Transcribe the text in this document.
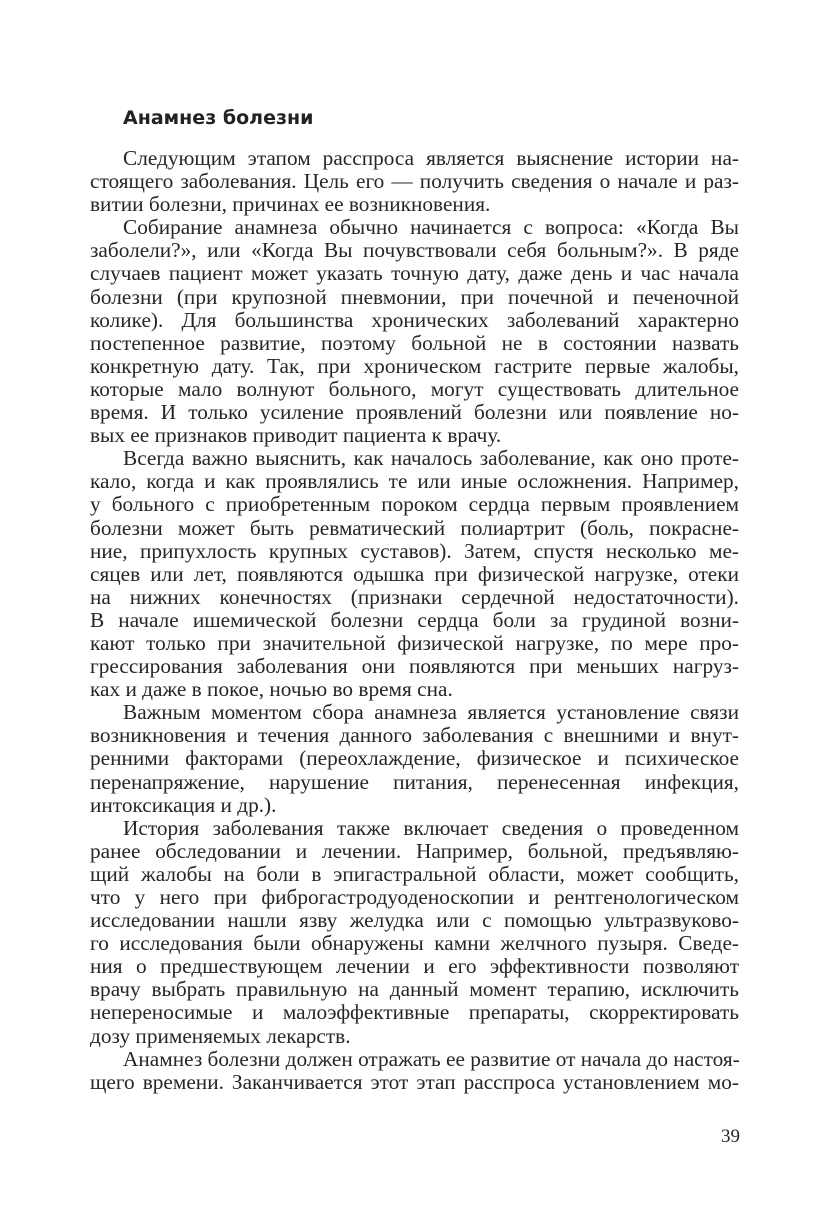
Анамнез болезни
Следующим этапом расспроса является выяснение истории на-
стоящего заболевания. Цель его — получить сведения о начале и раз-
витии болезни, причинах ее возникновения.
Собирание анамнеза обычно начинается с вопроса: «Когда Вы
заболели?», или «Когда Вы почувствовали себя больным?». В ряде
случаев пациент может указать точную дату, даже день и час начала
болезни (при крупозной пневмонии, при почечной и печеночной
колике). Для большинства хронических заболеваний характерно
постепенное развитие, поэтому больной не в состоянии назвать
конкретную дату. Так, при хроническом гастрите первые жалобы,
которые мало волнуют больного, могут существовать длительное
время. И только усиление проявлений болезни или появление но-
вых ее признаков приводит пациента к врачу.
Всегда важно выяснить, как началось заболевание, как оно проте-
кало, когда и как проявлялись те или иные осложнения. Например,
у больного с приобретенным пороком сердца первым проявлением
болезни может быть ревматический полиартрит (боль, покрасне-
ние, припухлость крупных суставов). Затем, спустя несколько ме-
сяцев или лет, появляются одышка при физической нагрузке, отеки
на нижних конечностях (признаки сердечной недостаточности).
В начале ишемической болезни сердца боли за грудиной возни-
кают только при значительной физической нагрузке, по мере про-
грессирования заболевания они появляются при меньших нагруз-
ках и даже в покое, ночью во время сна.
Важным моментом сбора анамнеза является установление связи
возникновения и течения данного заболевания с внешними и внут-
ренними факторами (переохлаждение, физическое и психическое
перенапряжение, нарушение питания, перенесенная инфекция,
интоксикация и др.).
История заболевания также включает сведения о проведенном
ранее обследовании и лечении. Например, больной, предъявляю-
щий жалобы на боли в эпигастральной области, может сообщить,
что у него при фиброгастродуоденоскопии и рентгенологическом
исследовании нашли язву желудка или с помощью ультразвуково-
го исследования были обнаружены камни желчного пузыря. Сведе-
ния о предшествующем лечении и его эффективности позволяют
врачу выбрать правильную на данный момент терапию, исключить
непереносимые и малоэффективные препараты, скорректировать
дозу применяемых лекарств.
Анамнез болезни должен отражать ее развитие от начала до настоя-
щего времени. Заканчивается этот этап расспроса установлением мо-
39
